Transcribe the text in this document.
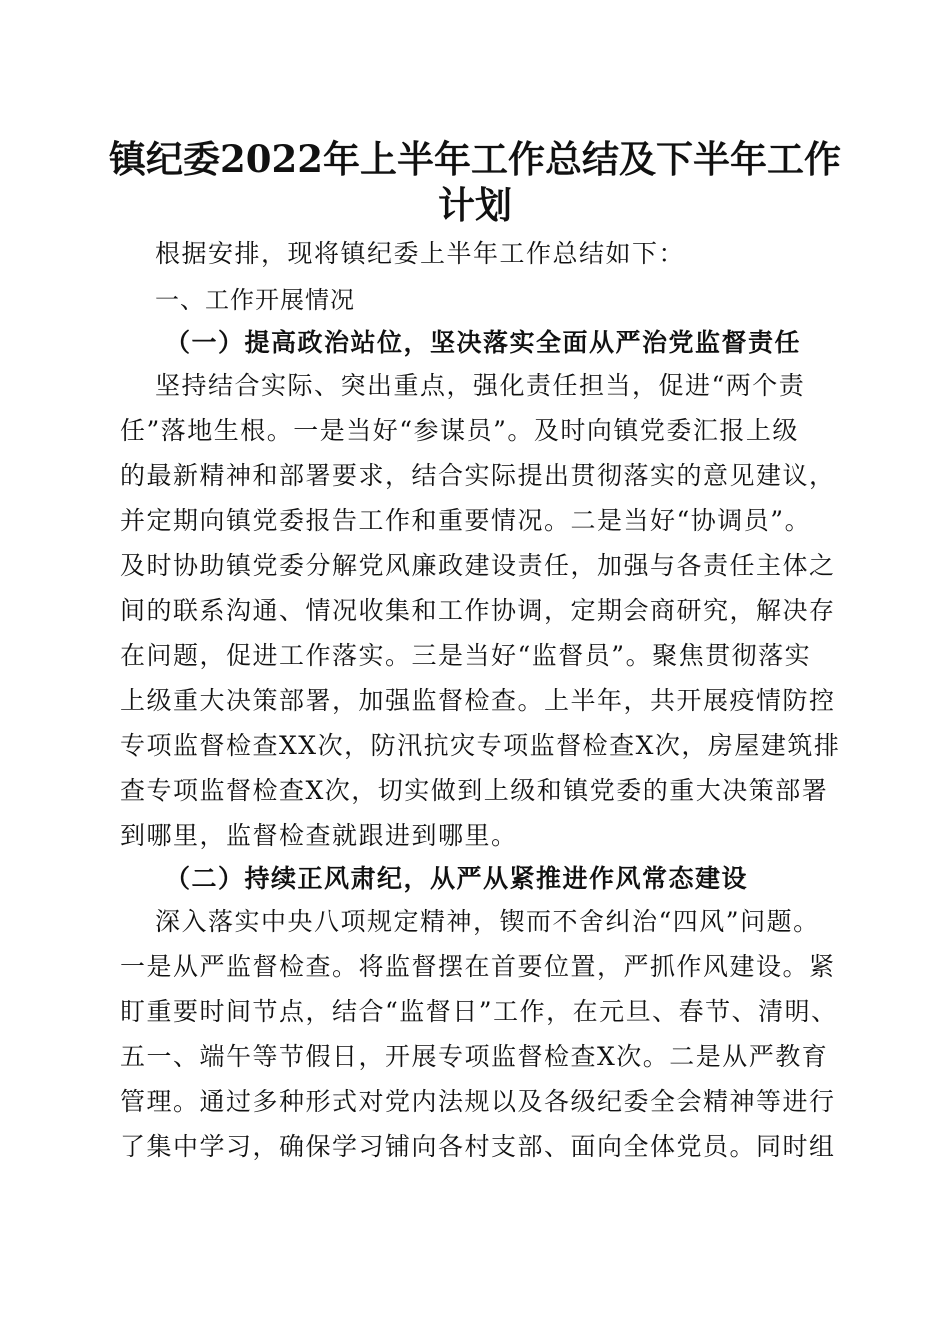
镇纪委2022年上半年工作总结及下半年工作
计划
根据安排，现将镇纪委上半年工作总结如下：
一、工作开展情况
（一）提高政治站位，坚决落实全面从严治党监督责任
坚持结合实际、突出重点，强化责任担当，促进“两个责
任”落地生根。一是当好“参谋员”。及时向镇党委汇报上级
的最新精神和部署要求，结合实际提出贯彻落实的意见建议，
并定期向镇党委报告工作和重要情况。二是当好“协调员”。
及时协助镇党委分解党风廉政建设责任，加强与各责任主体之
间的联系沟通、情况收集和工作协调，定期会商研究，解决存
在问题，促进工作落实。三是当好“监督员”。聚焦贯彻落实
上级重大决策部署，加强监督检查。上半年，共开展疫情防控
专项监督检查XX次，防汛抗灾专项监督检查X次，房屋建筑排
查专项监督检查X次，切实做到上级和镇党委的重大决策部署
到哪里，监督检查就跟进到哪里。
（二）持续正风肃纪，从严从紧推进作风常态建设
深入落实中央八项规定精神，锲而不舍纠治“四风”问题。
一是从严监督检查。将监督摆在首要位置，严抓作风建设。紧
盯重要时间节点，结合“监督日”工作，在元旦、春节、清明、
五一、端午等节假日，开展专项监督检查X次。二是从严教育
管理。通过多种形式对党内法规以及各级纪委全会精神等进行
了集中学习，确保学习铺向各村支部、面向全体党员。同时组
